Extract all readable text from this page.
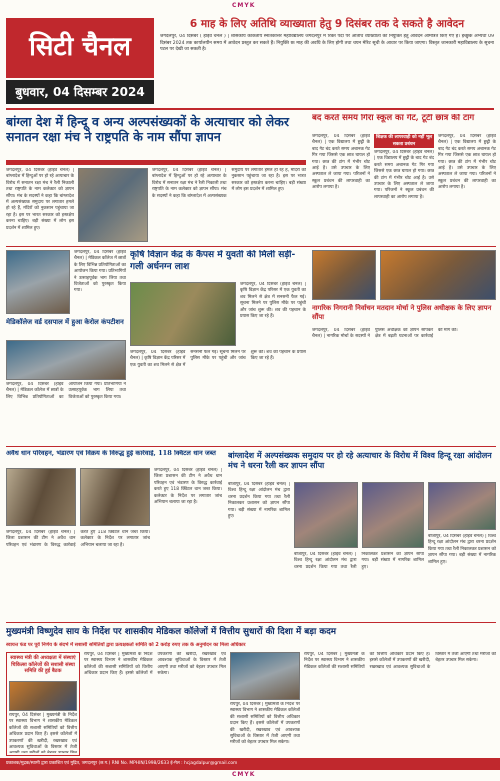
CMYK
सिटी चैनल
बुधवार, 04 दिसम्बर 2024
6 माह के लिए अतिथि व्याख्याता हेतु 9 दिसंबर तक दे सकते है आवेदन
जगदलपुर, 04 दिसंबर ( हाईवे चैनल ) | शासकीय काकतीय स्नातकोत्तर महाविद्यालय जगदलपुर में रिक्त पदों पर अतिथि व्याख्याता की नियुक्ति हेतु आवेदन आमंत्रित किए गए हैं। इच्छुक अभ्यर्थी 09 दिसंबर 2024 तक कार्यालयीन समय में आवेदन प्रस्तुत कर सकते हैं। नियुक्ति छः माह की अवधि के लिए होगी तथा चयन मेरिट सूची के आधार पर किया जाएगा। विस्तृत जानकारी महाविद्यालय के सूचना पटल पर देखी जा सकती है।
बांग्ला देश में हिन्दू व अन्य अल्पसंख्यकों के अत्याचार को लेकर सनातन रक्षा मंच ने राष्ट्रपति के नाम सौंपा ज्ञापन
जगदलपुर, 04 दिसंबर (हाईवे चैनल) | बांग्लादेश में हिन्दुओं पर हो रहे अत्याचार के विरोध में सनातन रक्षा मंच ने रैली निकाली तथा राष्ट्रपति के नाम कलेक्टर को ज्ञापन सौंपा। मंच के सदस्यों ने कहा कि बांग्लादेश में अल्पसंख्यक समुदाय पर लगातार हमले हो रहे हैं, मंदिरों को नुकसान पहुंचाया जा रहा है। इस पर भारत सरकार को हस्तक्षेप करना चाहिए। बड़ी संख्या में लोग इस प्रदर्शन में शामिल हुए।
जगदलपुर, 04 दिसंबर (हाईवे चैनल) | बांग्लादेश में हिन्दुओं पर हो रहे अत्याचार के विरोध में सनातन रक्षा मंच ने रैली निकाली तथा राष्ट्रपति के नाम कलेक्टर को ज्ञापन सौंपा। मंच के सदस्यों ने कहा कि बांग्लादेश में अल्पसंख्यक समुदाय पर लगातार हमले हो रहे हैं, मंदिरों को नुकसान पहुंचाया जा रहा है। इस पर भारत सरकार को हस्तक्षेप करना चाहिए। बड़ी संख्या में लोग इस प्रदर्शन में शामिल हुए।
बंद करते समय गिरा स्कूल का गेट, टूटी छात्र की टांग
जगदलपुर, 04 दिसंबर (हाईवे चैनल) | एक विद्यालय में छुट्टी के बाद गेट बंद करते समय अचानक गेट गिर गया जिससे एक छात्र घायल हो गया। छात्र की टांग में गंभीर चोट आई है। उसे उपचार के लिए अस्पताल ले जाया गया। परिजनों ने स्कूल प्रबंधन की लापरवाही का आरोप लगाया है।
शिक्षक की लापरवाही को नहीं भूल सकता प्रबंधन
जगदलपुर, 04 दिसंबर (हाईवे चैनल) | एक विद्यालय में छुट्टी के बाद गेट बंद करते समय अचानक गेट गिर गया जिससे एक छात्र घायल हो गया। छात्र की टांग में गंभीर चोट आई है। उसे उपचार के लिए अस्पताल ले जाया गया। परिजनों ने स्कूल प्रबंधन की लापरवाही का आरोप लगाया है।
जगदलपुर, 04 दिसंबर (हाईवे चैनल) | एक विद्यालय में छुट्टी के बाद गेट बंद करते समय अचानक गेट गिर गया जिससे एक छात्र घायल हो गया। छात्र की टांग में गंभीर चोट आई है। उसे उपचार के लिए अस्पताल ले जाया गया। परिजनों ने स्कूल प्रबंधन की लापरवाही का आरोप लगाया है।
जगदलपुर, 04 दिसंबर (हाईवे चैनल) | मेडिकल कॉलेज में छात्रों के लिए विभिन्न प्रतियोगिताओं का आयोजन किया गया। प्रतिभागियों ने उत्साहपूर्वक भाग लिया तथा विजेताओं को पुरस्कृत किया गया।
मेडिकॉलेज वर्ड दसपाल में हुआ केरोल कंपटीशन
जगदलपुर, 04 दिसंबर (हाईवे चैनल) | मेडिकल कॉलेज में छात्रों के लिए विभिन्न प्रतियोगिताओं का आयोजन किया गया। प्रतिभागियों ने उत्साहपूर्वक भाग लिया तथा विजेताओं को पुरस्कृत किया गया।
कृषि विज्ञान केंद्र के कैंपस में युवती की मिली सड़ी-गली अर्धनग्न लाश
जगदलपुर, 04 दिसंबर (हाईवे चैनल) | कृषि विज्ञान केंद्र परिसर में एक युवती का शव मिलने से क्षेत्र में सनसनी फैल गई। सूचना मिलने पर पुलिस मौके पर पहुंची और जांच शुरू की। शव की पहचान के प्रयास किए जा रहे हैं।
जगदलपुर, 04 दिसंबर (हाईवे चैनल) | कृषि विज्ञान केंद्र परिसर में एक युवती का शव मिलने से क्षेत्र में सनसनी फैल गई। सूचना मिलने पर पुलिस मौके पर पहुंची और जांच शुरू की। शव की पहचान के प्रयास किए जा रहे हैं।
नागरिक निगरानी निर्वाचन मतदान मोर्चा ने पुलिस अधीक्षक के लिए ज्ञापन सौंपा
जगदलपुर, 04 दिसंबर (हाईवे चैनल) | नागरिक मोर्चा के सदस्यों ने पुलिस अधीक्षक को ज्ञापन सौंपकर क्षेत्र में बढ़ती घटनाओं पर कार्रवाई की मांग की।
अवैध धान परिवहन, भंडारण एवं विक्रय के विरुद्ध हुई कार्रवाई, 118 क्विंटल धान जब्त
जगदलपुर, 04 दिसंबर (हाईवे चैनल) | जिला प्रशासन की टीम ने अवैध धान परिवहन एवं भंडारण के विरुद्ध कार्रवाई करते हुए 118 क्विंटल धान जब्त किया। कलेक्टर के निर्देश पर लगातार जांच अभियान चलाया जा रहा है।
जगदलपुर, 04 दिसंबर (हाईवे चैनल) | जिला प्रशासन की टीम ने अवैध धान परिवहन एवं भंडारण के विरुद्ध कार्रवाई करते हुए 118 क्विंटल धान जब्त किया। कलेक्टर के निर्देश पर लगातार जांच अभियान चलाया जा रहा है।
बांग्लादेश में अल्पसंख्यक समुदाय पर हो रहे अत्याचार के विरोध में विश्व हिन्दू रक्षा आंदोलन मंच ने धरना रैली कर ज्ञापन सौंपा
बीजापुर, 04 दिसंबर (हाईवे चैनल) | विश्व हिन्दू रक्षा आंदोलन मंच द्वारा धरना प्रदर्शन किया गया तथा रैली निकालकर प्रशासन को ज्ञापन सौंपा गया। बड़ी संख्या में नागरिक शामिल हुए।
बीजापुर, 04 दिसंबर (हाईवे चैनल) | विश्व हिन्दू रक्षा आंदोलन मंच द्वारा धरना प्रदर्शन किया गया तथा रैली निकालकर प्रशासन को ज्ञापन सौंपा गया। बड़ी संख्या में नागरिक शामिल हुए।
बीजापुर, 04 दिसंबर (हाईवे चैनल) | विश्व हिन्दू रक्षा आंदोलन मंच द्वारा धरना प्रदर्शन किया गया तथा रैली निकालकर प्रशासन को ज्ञापन सौंपा गया। बड़ी संख्या में नागरिक शामिल हुए।
मुख्यमंत्री विष्णुदेव साय के निर्देश पर शासकीय मेडिकल कॉलेजों में वित्तीय सुधारों की दिशा में बड़ा कदम
स्वायत्त फंड पर पूर्व निर्णय के संदर्भ में सशासी समितियों द्वारा प्रत्यक्षकर्ता समिति को 2 करोड़ रुपए तक के अनुमोदन का मिला अधिकार
स्वास्थ्य मंत्री की अध्यक्षता में संस्थाएं चिकित्सा कॉलेजों की सशासी संस्था समिति की हुई बैठक
रायपुर, 04 दिसंबर | मुख्यमंत्री के निर्देश पर स्वास्थ्य विभाग ने शासकीय मेडिकल कॉलेजों की सशासी समितियों को वित्तीय अधिकार प्रदान किए हैं। इससे कॉलेजों में उपकरणों की खरीदी, रखरखाव एवं आवश्यक सुविधाओं के विस्तार में तेजी
रायपुर, 04 दिसंबर | मुख्यमंत्री के निर्देश पर स्वास्थ्य विभाग ने शासकीय मेडिकल कॉलेजों की सशासी समितियों को वित्तीय अधिकार प्रदान किए हैं। इससे कॉलेजों में उपकरणों की खरीदी, रखरखाव एवं आवश्यक सुविधाओं के विस्तार में तेजी आएगी तथा मरीजों को बेहतर उपचार मिल सकेगा।
रायपुर, 04 दिसंबर | मुख्यमंत्री के निर्देश पर स्वास्थ्य विभाग ने शासकीय मेडिकल कॉलेजों की सशासी समितियों को वित्तीय अधिकार प्रदान किए हैं। इससे कॉलेजों में उपकरणों की खरीदी, रखरखाव एवं आवश्यक सुविधाओं के विस्तार में तेजी आएगी तथा मरीजों को बेहतर उपचार मिल सकेगा।
रायपुर, 04 दिसंबर | मुख्यमंत्री के निर्देश पर स्वास्थ्य विभाग ने शासकीय मेडिकल कॉलेजों की सशासी समितियों को वित्तीय अधिकार प्रदान किए हैं। इससे कॉलेजों में उपकरणों की खरीदी, रखरखाव एवं आवश्यक सुविधाओं के विस्तार में तेजी आएगी तथा मरीजों को बेहतर उपचार मिल सकेगा।
प्रकाशक/मुद्रक/स्वामी द्वारा प्रकाशित एवं मुद्रित, जगदलपुर (छ.ग.) RNI No. MPHIN/1998/2633 ई-मेल : hcjagdalpur@gmail.com
CMYK
